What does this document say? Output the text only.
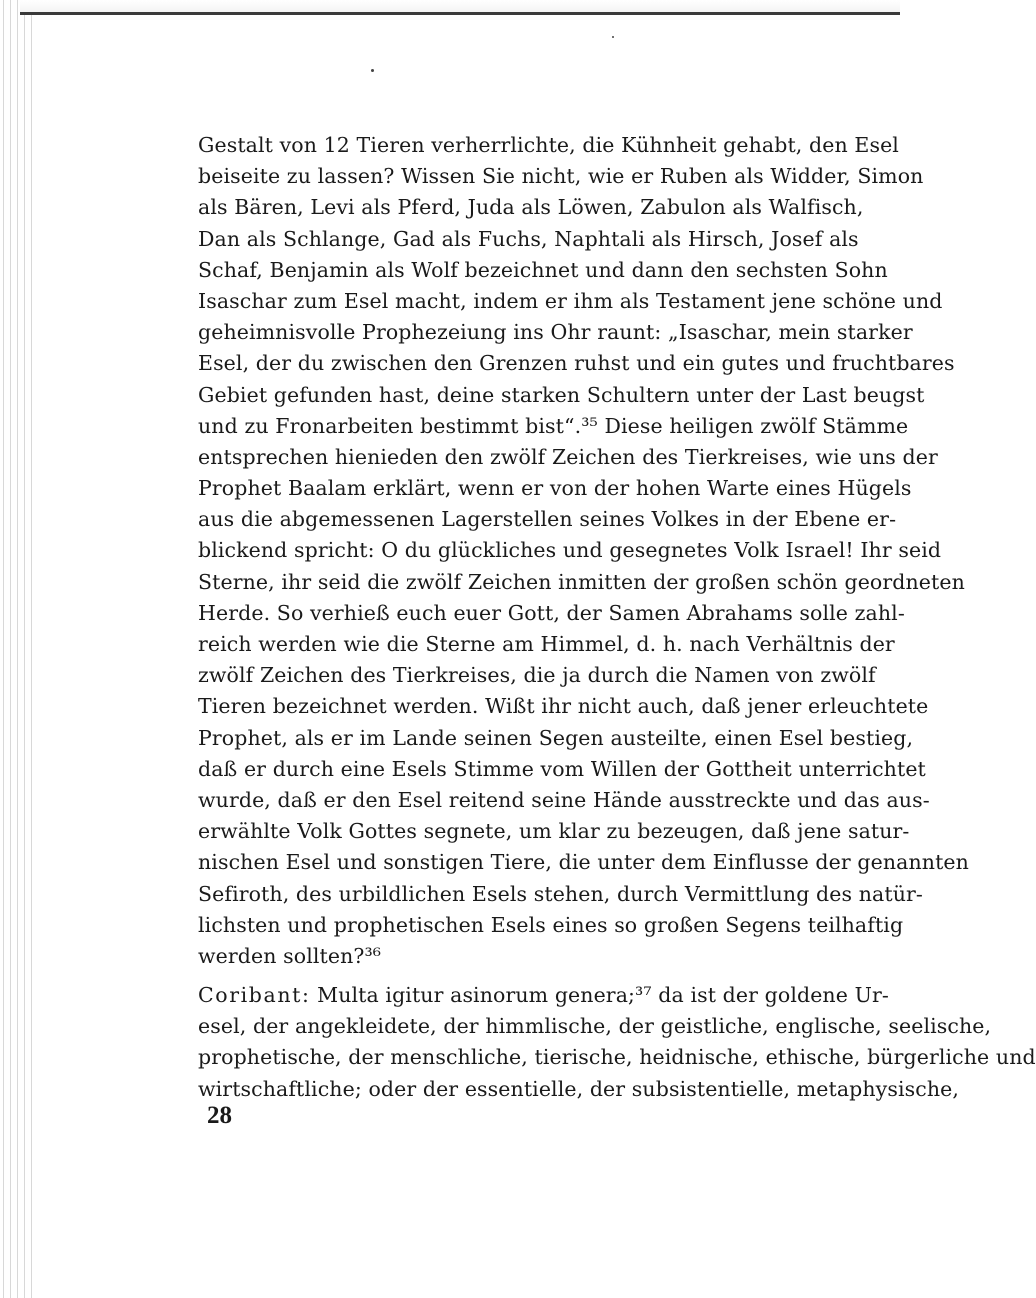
Gestalt von 12 Tieren verherrlichte, die Kühnheit gehabt, den Esel
beiseite zu lassen? Wissen Sie nicht, wie er Ruben als Widder, Simon
als Bären, Levi als Pferd, Juda als Löwen, Zabulon als Walfisch,
Dan als Schlange, Gad als Fuchs, Naphtali als Hirsch, Josef als
Schaf, Benjamin als Wolf bezeichnet und dann den sechsten Sohn
Isaschar zum Esel macht, indem er ihm als Testament jene schöne und
geheimnisvolle Prophezeiung ins Ohr raunt: „Isaschar, mein starker
Esel, der du zwischen den Grenzen ruhst und ein gutes und fruchtbares
Gebiet gefunden hast, deine starken Schultern unter der Last beugst
und zu Fronarbeiten bestimmt bist“.³⁵ Diese heiligen zwölf Stämme
entsprechen hienieden den zwölf Zeichen des Tierkreises, wie uns der
Prophet Baalam erklärt, wenn er von der hohen Warte eines Hügels
aus die abgemessenen Lagerstellen seines Volkes in der Ebene er-
blickend spricht: O du glückliches und gesegnetes Volk Israel! Ihr seid
Sterne, ihr seid die zwölf Zeichen inmitten der großen schön geordneten
Herde. So verhieß euch euer Gott, der Samen Abrahams solle zahl-
reich werden wie die Sterne am Himmel, d. h. nach Verhältnis der
zwölf Zeichen des Tierkreises, die ja durch die Namen von zwölf
Tieren bezeichnet werden. Wißt ihr nicht auch, daß jener erleuchtete
Prophet, als er im Lande seinen Segen austeilte, einen Esel bestieg,
daß er durch eine Esels Stimme vom Willen der Gottheit unterrichtet
wurde, daß er den Esel reitend seine Hände ausstreckte und das aus-
erwählte Volk Gottes segnete, um klar zu bezeugen, daß jene satur-
nischen Esel und sonstigen Tiere, die unter dem Einflusse der genannten
Sefiroth, des urbildlichen Esels stehen, durch Vermittlung des natür-
lichsten und prophetischen Esels eines so großen Segens teilhaftig
werden sollten?³⁶
Coribant: Multa igitur asinorum genera;³⁷ da ist der goldene Ur-
esel, der angekleidete, der himmlische, der geistliche, englische, seelische,
prophetische, der menschliche, tierische, heidnische, ethische, bürgerliche und
wirtschaftliche; oder der essentielle, der subsistentielle, metaphysische,
28
